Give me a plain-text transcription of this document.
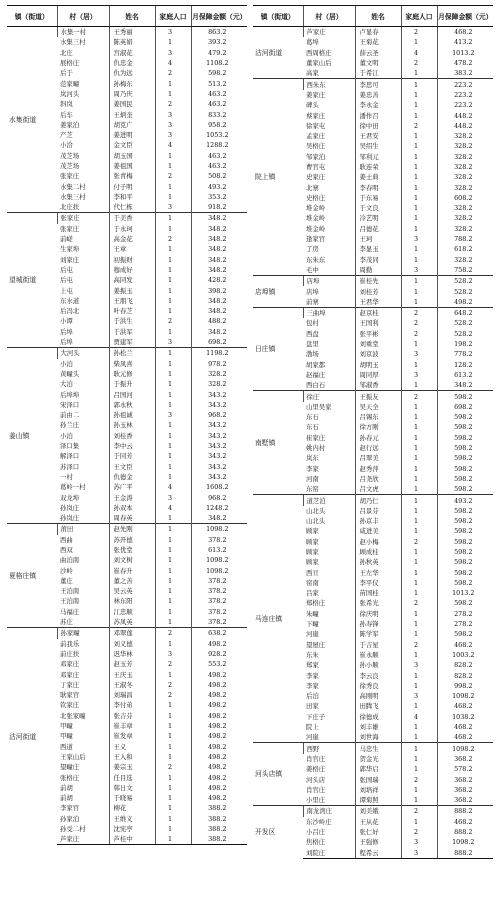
镇（街道）	村（居）	姓名	家庭人口	月保障金额（元）
水集街道	水集一村	王秀丽	3	863.2
	水集三村	陈英娟	1	393.2
	北庄	宫淑花	3	479.2
	展格庄	仇忠金	4	1108.2
	后于	仇为远	2	598.2
	范家疃	孙梅东	1	513.2
	岚河头	周乃庆	1	463.2
	斜岚	姜国民	2	463.2
	后车	王炳奎	3	833.2
	姜家泊	胡克广	3	958.2
	产芝	姜进明	3	1053.2
	小洽	金文臣	4	1288.2
	茂芝场	胡玉国	1	463.2
	茂芝场	姜祖国	1	463.2
	张家庄	张青梅	2	508.2
	水集二村	付子明	1	493.2
	水集三村	李和平	1	353.2
	北庄扶	代仁栋	3	918.2
望城街道	张家庄	于美香	1	348.2
	张家庄	于永珂	1	348.2
	前嵯	高金花	2	348.2
	生家埠	王章	1	348.2
	刘家庄	初振财	1	348.2
	后屯	穆成好	1	348.2
	后屯	高同发	1	428.2
	上屯	姜振玉	1	398.2
	东水道	王朋飞	1	348.2
	后冯北	叶春芝	1	348.2
	小谭	于洪生	2	488.2
	后埠	于洪军	1	348.2
	后埠	贾建军	3	698.2
姜山镇	大河头	孙松兰	1	1198.2
	小泊	柴凤喜	1	978.2
	黄疃头	耿元修	1	328.2
	大泊	于振升	1	328.2
	后埠埠	吕国河	1	343.2
	宋泽口	郭永秋	1	343.2
	前由二	孙祖诚	3	968.2
	孙兰庄	孙玉林	1	343.2
	小泊	刘桂香	1	343.2
	泽口集	李中云	1	343.2
	解泽口	于同芳	1	343.2
	苏泽口	王文臣	1	343.2
	一村	仇德金	1	343.2
	葛岭一村	苏广平	4	1608.2
	双龙埠	王金涛	3	968.2
	孙岚庄	孙双本	4	1248.2
	孙岚庄	周春英	1	348.2
夏格庄镇	莆田	赵先刚	1	1098.2
	西曲	苏开德	1	378.2
	西双	张优堂	1	613.2
	曲泊南	刘文树	1	1098.2
	沙岭	崔春升	1	1098.2
	董庄	董之善	1	378.2
	王泊南	吴云英	1	378.2
	王泊南	林东阳	1	378.2
	马福庄	江忠顺	1	378.2
	苏庄	苏凤英	1	378.2
沽河街道	孙家疃	邓翠莲	2	638.2
	前我乐	刘义德	1	498.2
	前庄扶	迟华林	3	928.2
	邓家庄	赵玉芳	2	553.2
	邓家庄	王庆玉	1	498.2
	丁家庄	王淑冬	2	498.2
	耿家官	刘瑞昌	2	498.2
	钦家庄	李付弟	1	498.2
	北张家疃	张吉芬	1	498.2
	甲疃	崔丰章	1	498.2
	甲疃	崔发章	1	498.2
	西道	王义	1	498.2
	王家山后	王入和	1	498.2
	望疃庄	姜宗玉	2	498.2
	张格庄	任目选	1	498.2
	前胡	韩日文	1	498.2
	前胡	于晓易	1	498.2
	李家官	柳花	1	388.2
	孙家泊	王维义	1	388.2
	孙受二村	沈宪亭	1	388.2
	芦家庄	芦桂中	1	388.2
镇（街道）	村（居）	姓名	家庭人口	月保障金额（元）
沽河街道	芦家庄	卢显春	2	468.2
	葛埠	王菊花	1	413.2
	西周格庄	薛云圣	4	1013.2
	董家山后	董文明	2	478.2
	高家	于希江	1	383.2
院上镇	西朱东	李思可	1	223.2
	姜家庄	姜忠善	1	223.2
	碑头	李永金	1	223.2
	蔡家庄	潘作召	1	448.2
	徐家屯	徐中田	2	448.2
	孟家庄	王君安	1	328.2
	吴格庄	吴绍生	1	328.2
	邹家泊	邹利元	1	328.2
	曹官屯	耿连荣	1	328.2
	史家庄	姜士典	1	328.2
	北寨	李春明	1	328.2
	史格庄	于东易	1	608.2
	堆金岭	于文良	1	328.2
	堆金岭	冷艺明	1	328.2
	堆金岭	吕德花	1	328.2
	逢家官	王珂	3	788.2
	了房	李显玉	1	618.2
	东朱东	李茂同	1	328.2
	毛中	周勤	3	758.2
店埠镇	店埠	崔桂先	1	528.2
	店埠	刘桂芳	1	528.2
	前寨	王君华	1	498.2
日庄镇	三曲埠	赵京桂	2	648.2
	包村	王国利	2	528.2
	西盘	张平彬	2	528.2
	盘里	刘重堂	1	198.2
	渤场	刘京波	3	778.2
	胡家都	胡明玉	1	128.2
	赵福庄	周同厚	3	613.2
	西白石	邹淑香	1	348.2
南墅镇	徐庄	王振友	2	598.2
	山里吴家	吴天全	1	698.2
	东石	吕锡东	1	598.2
	东石	徐方刚	1	598.2
	崔家庄	孙春元	1	598.2
	姚内村	赵行远	1	598.2
	岚东	吕翠美	1	598.2
	李家	赵秀萍	1	598.2
	河南	吕尧欣	1	598.2
	东窑	吕文虎	1	598.2
马连庄镇	道芝泊	胡乃仁	1	493.2
	山北头	吕景芬	1	598.2
	山北头	孙京丰	1	598.2
	顾家	咸进美	1	598.2
	顾家	赵小梅	2	598.2
	顾家	顾成桂	1	598.2
	顾家	孙秋英	1	598.2
	西亘	王左华	1	598.2
	窑南	李平仪	1	598.2
	吕家	苗国桂	1	1013.2
	郑格庄	张希光	2	598.2
	朱疃	徐庆明	1	278.2
	下疃	孙寿锋	1	278.2
	河崖	陈学军	1	598.2
	望屋庄	于吉星	2	468.2
	东朱	崔永顺	1	1003.2
	郑家	孙小顺	3	828.2
	李家	李云良	1	828.2
	李家	徐秀良	1	998.2
	后泊	高刚明	3	1098.2
	田家	田腾飞	1	468.2
	下庄子	徐德成	4	1038.2
	院上	刘丰雄	1	468.2
	河崖	刘世海	1	468.2
河头店镇	西野	马忠生	1	1098.2
	肖官庄	贺金光	1	368.2
	姜格庄	郭华启	1	578.2
	河头店	张国瑞	2	368.2
	肖官庄	刘培祥	1	368.2
	小里庄	谭菊照	1	368.2
开发区	南龙湾庄	刘美娥	2	888.2
	东沙岭庄	王从花	1	468.2
	小吕庄	张仁好	2	888.2
	焦格庄	王强修	3	1098.2
	刘院庄	程希云	3	888.2
